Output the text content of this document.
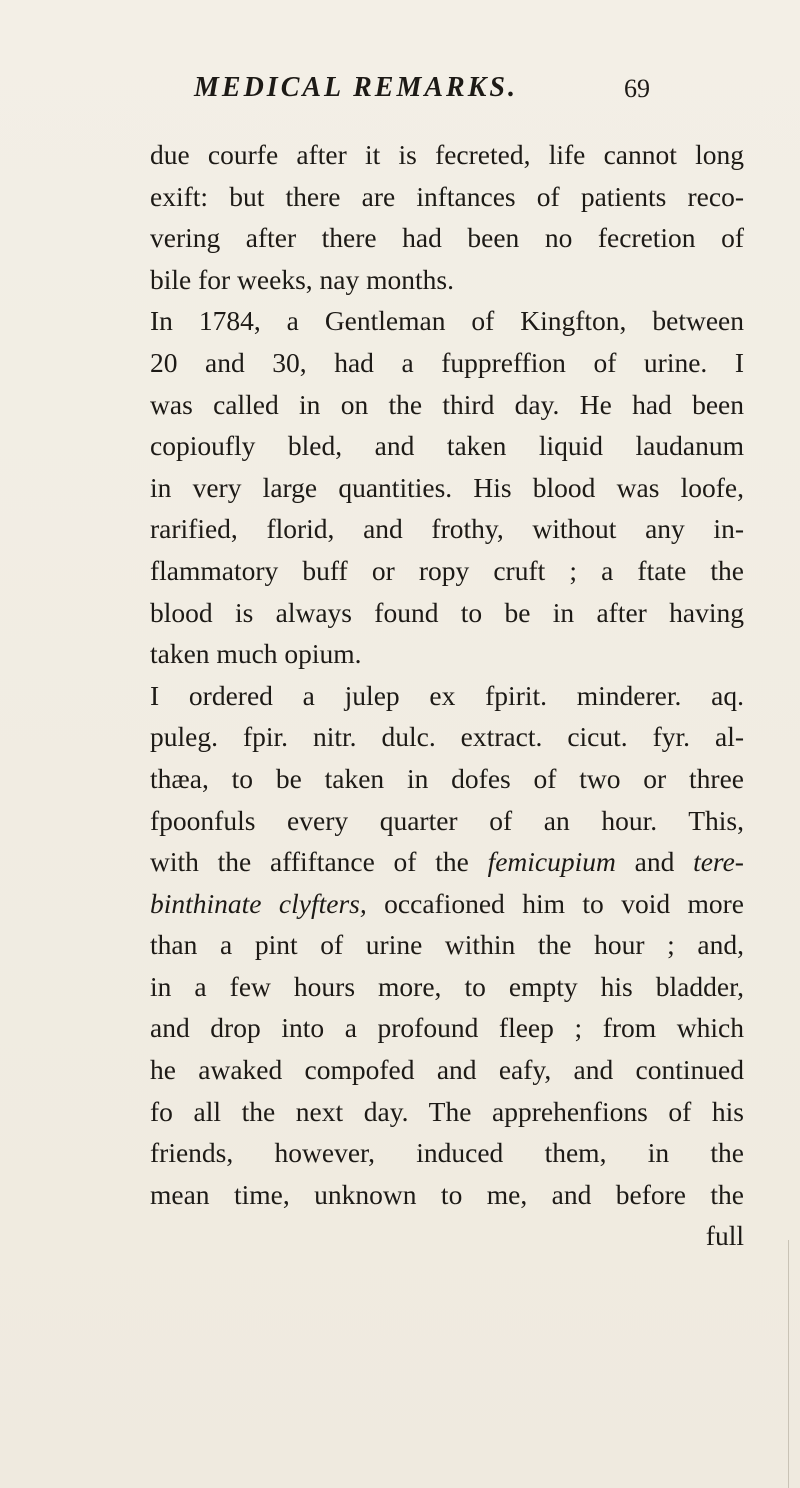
MEDICAL REMARKS.	69
due courfe after it is fecreted, life cannot long
exift: but there are inftances of patients reco-
vering after there had been no fecretion of
bile for weeks, nay months.
In 1784, a Gentleman of Kingfton, between
20 and 30, had a fuppreffion of urine. I
was called in on the third day. He had been
copioufly bled, and taken liquid laudanum
in very large quantities. His blood was loofe,
rarified, florid, and frothy, without any in-
flammatory buff or ropy cruft ; a ftate the
blood is always found to be in after having
taken much opium.
I ordered a julep ex fpirit. minderer. aq.
puleg. fpir. nitr. dulc. extract. cicut. fyr. al-
thæa, to be taken in dofes of two or three
fpoonfuls every quarter of an hour. This,
with the affiftance of the femicupium and tere-
binthinate clyfters, occafioned him to void more
than a pint of urine within the hour ; and,
in a few hours more, to empty his bladder,
and drop into a profound fleep ; from which
he awaked compofed and eafy, and continued
fo all the next day. The apprehenfions of his
friends, however, induced them, in the
mean time, unknown to me, and before the
full
